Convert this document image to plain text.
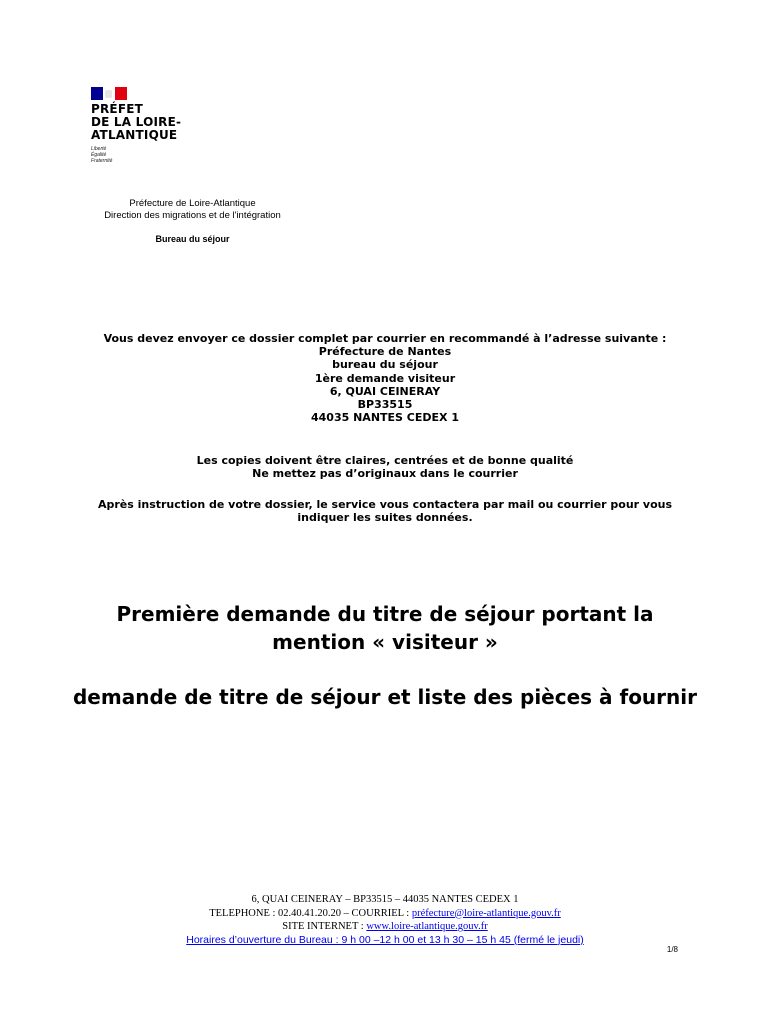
PRÉFET
DE LA LOIRE-
ATLANTIQUE
Liberté
Égalité
Fraternité
Préfecture de Loire-Atlantique
Direction des migrations et de l'intégration
Bureau du séjour
Vous devez envoyer ce dossier complet par courrier en recommandé à l’adresse suivante :
Préfecture de Nantes
bureau du séjour
1ère demande visiteur
6, QUAI CEINERAY
BP33515
44035 NANTES CEDEX 1
Les copies doivent être claires, centrées et de bonne qualité
Ne mettez pas d’originaux dans le courrier
Après instruction de votre dossier, le service vous contactera par mail ou courrier pour vous
indiquer les suites données.
Première demande du titre de séjour portant la
mention « visiteur »
demande de titre de séjour et liste des pièces à fournir
6, QUAI CEINERAY – BP33515 – 44035 NANTES CEDEX 1
TELEPHONE : 02.40.41.20.20 – COURRIEL : préfecture@loire-atlantique.gouv.fr
SITE INTERNET : www.loire-atlantique.gouv.fr
Horaires d’ouverture du Bureau : 9 h 00 –12 h 00 et 13 h 30 – 15 h 45 (fermé le jeudi)
1/8
